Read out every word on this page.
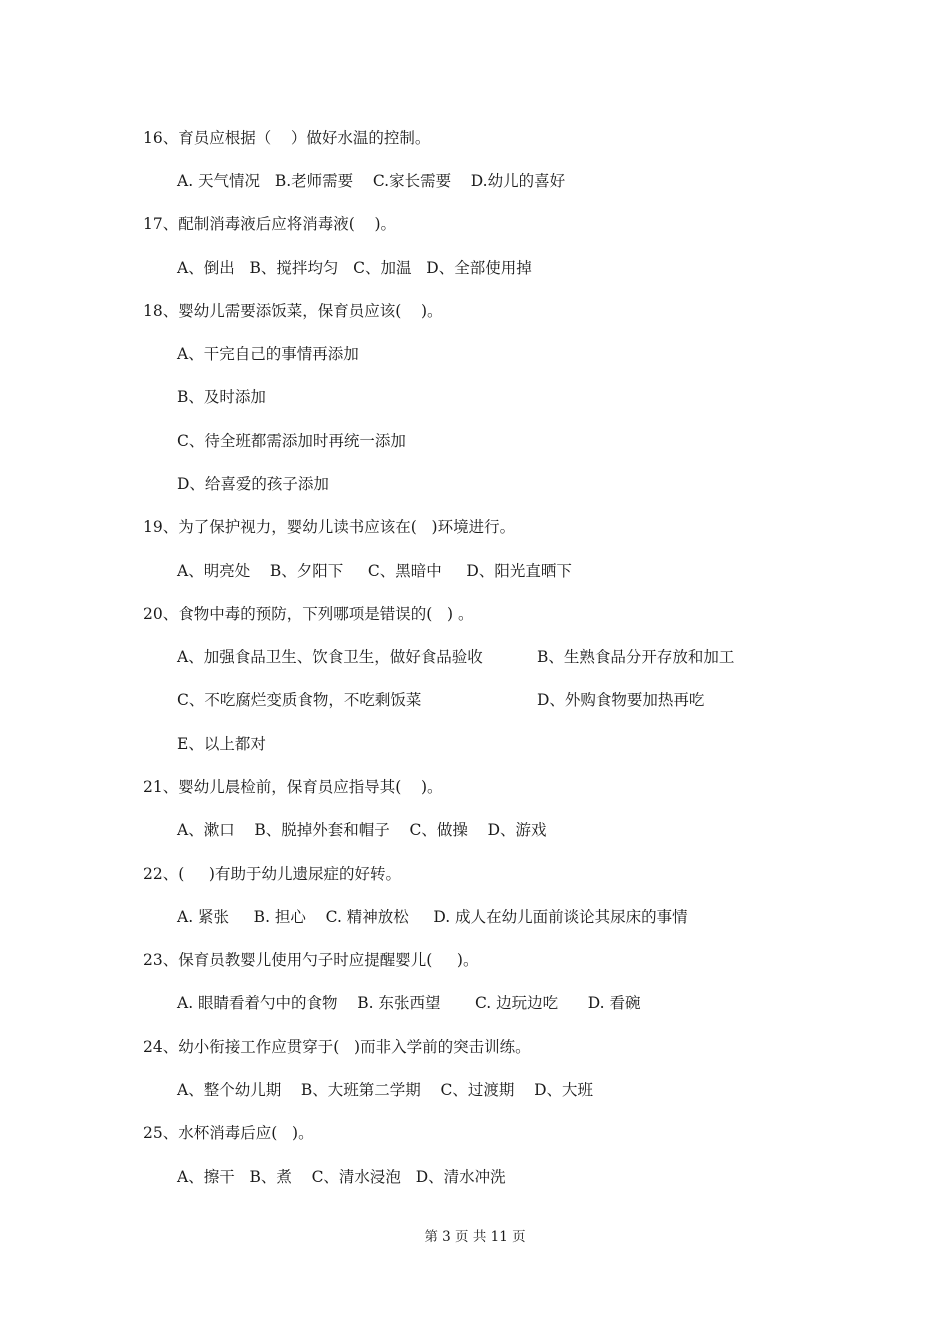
16、育员应根据（    ）做好水温的控制。
A. 天气情况   B.老师需要    C.家长需要    D.幼儿的喜好
17、配制消毒液后应将消毒液(    )。
A、倒出   B、搅拌均匀   C、加温   D、全部使用掉
18、婴幼儿需要添饭菜，保育员应该(    )。
A、干完自己的事情再添加
B、及时添加
C、待全班都需添加时再统一添加
D、给喜爱的孩子添加
19、为了保护视力，婴幼儿读书应该在(   )环境进行。
A、明亮处    B、夕阳下     C、黑暗中     D、阳光直晒下
20、食物中毒的预防，下列哪项是错误的(   ) 。
A、加强食品卫生、饮食卫生，做好食品验收	B、生熟食品分开存放和加工
C、不吃腐烂变质食物，不吃剩饭菜	D、外购食物要加热再吃
E、以上都对
21、婴幼儿晨检前，保育员应指导其(    )。
A、漱口    B、脱掉外套和帽子    C、做操    D、游戏
22、(     )有助于幼儿遗尿症的好转。
A. 紧张     B. 担心    C. 精神放松     D. 成人在幼儿面前谈论其尿床的事情
23、保育员教婴儿使用勺子时应提醒婴儿(     )。
A. 眼睛看着勺中的食物    B. 东张西望       C. 边玩边吃      D. 看碗
24、幼小衔接工作应贯穿于(   )而非入学前的突击训练。
A、整个幼儿期    B、大班第二学期    C、过渡期    D、大班
25、水杯消毒后应(   )。
A、擦干   B、煮    C、清水浸泡   D、清水冲洗
第 3 页 共 11 页
